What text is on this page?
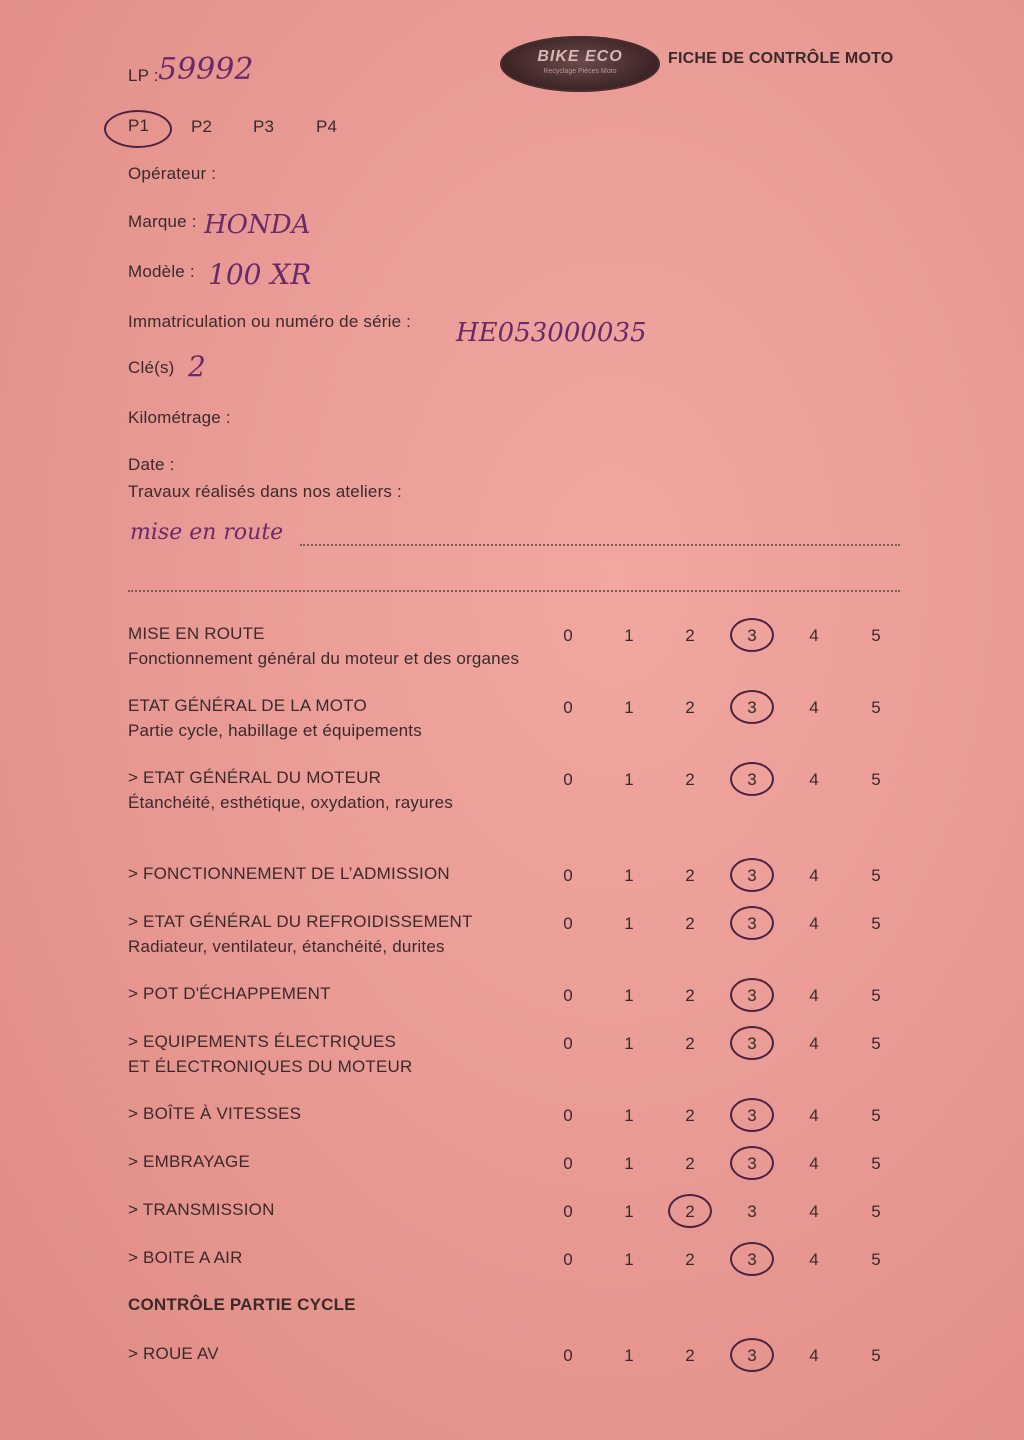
BIKE ECO
Recyclage Pièces Moto
FICHE DE CONTRÔLE MOTO
LP : 59992
P1 P2 P3 P4
Opérateur :
Marque : HONDA
Modèle : 100 XR
Immatriculation ou numéro de série : HE053000035
Clé(s) 2
Kilométrage :
Date :
Travaux réalisés dans nos ateliers :
mise en route
MISE EN ROUTE
Fonctionnement général du moteur et des organes
0	1	2	3	4	5
ETAT GÉNÉRAL DE LA MOTO
Partie cycle, habillage et équipements
0	1	2	3	4	5
> ETAT GÉNÉRAL DU MOTEUR
Étanchéité, esthétique, oxydation, rayures
0	1	2	3	4	5
> FONCTIONNEMENT DE L’ADMISSION	0	1	2	3	4	5
> ETAT GÉNÉRAL DU REFROIDISSEMENT
Radiateur, ventilateur, étanchéité, durites
0	1	2	3	4	5
> POT D'ÉCHAPPEMENT	0	1	2	3	4	5
> EQUIPEMENTS ÉLECTRIQUES
ET ÉLECTRONIQUES DU MOTEUR
0	1	2	3	4	5
> BOÎTE À VITESSES	0	1	2	3	4	5
> EMBRAYAGE	0	1	2	3	4	5
> TRANSMISSION	0	1	2	3	4	5
> BOITE A AIR	0	1	2	3	4	5
CONTRÔLE PARTIE CYCLE
> ROUE AV	0	1	2	3	4	5
